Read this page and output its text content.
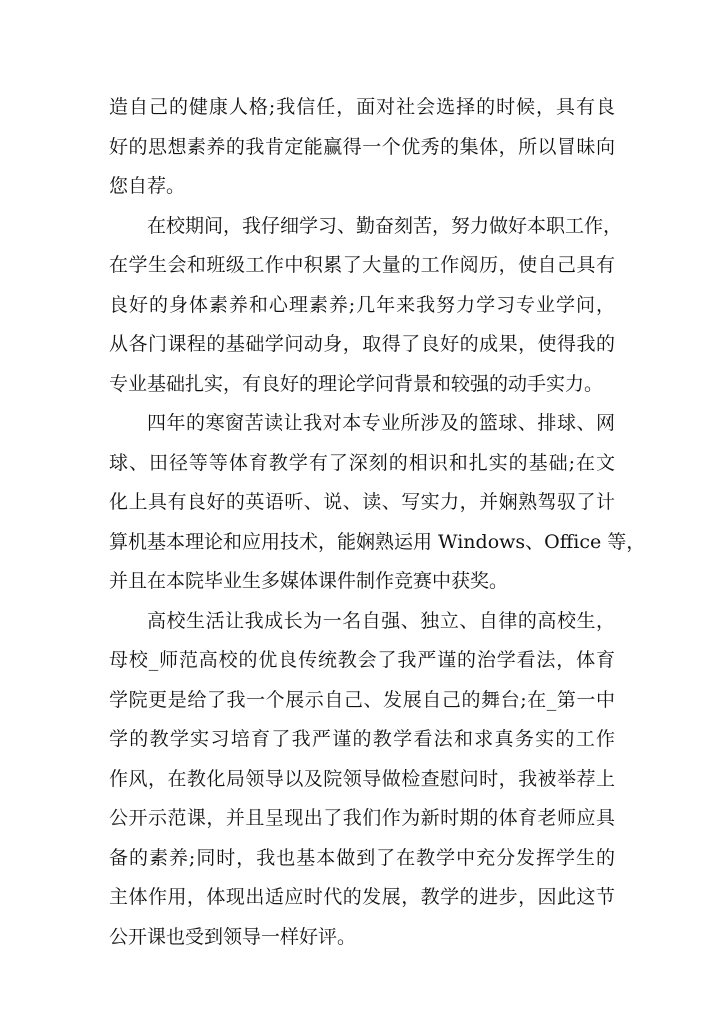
造自己的健康人格;我信任，面对社会选择的时候，具有良
好的思想素养的我肯定能赢得一个优秀的集体，所以冒昧向
您自荐。
在校期间，我仔细学习、勤奋刻苦，努力做好本职工作，
在学生会和班级工作中积累了大量的工作阅历，使自己具有
良好的身体素养和心理素养;几年来我努力学习专业学问，
从各门课程的基础学问动身，取得了良好的成果，使得我的
专业基础扎实，有良好的理论学问背景和较强的动手实力。
四年的寒窗苦读让我对本专业所涉及的篮球、排球、网
球、田径等等体育教学有了深刻的相识和扎实的基础;在文
化上具有良好的英语听、说、读、写实力，并娴熟驾驭了计
算机基本理论和应用技术，能娴熟运用 Windows、Office 等，
并且在本院毕业生多媒体课件制作竞赛中获奖。
高校生活让我成长为一名自强、独立、自律的高校生，
母校_师范高校的优良传统教会了我严谨的治学看法，体育
学院更是给了我一个展示自己、发展自己的舞台;在_第一中
学的教学实习培育了我严谨的教学看法和求真务实的工作
作风，在教化局领导以及院领导做检查慰问时，我被举荐上
公开示范课，并且呈现出了我们作为新时期的体育老师应具
备的素养;同时，我也基本做到了在教学中充分发挥学生的
主体作用，体现出适应时代的发展，教学的进步，因此这节
公开课也受到领导一样好评。
